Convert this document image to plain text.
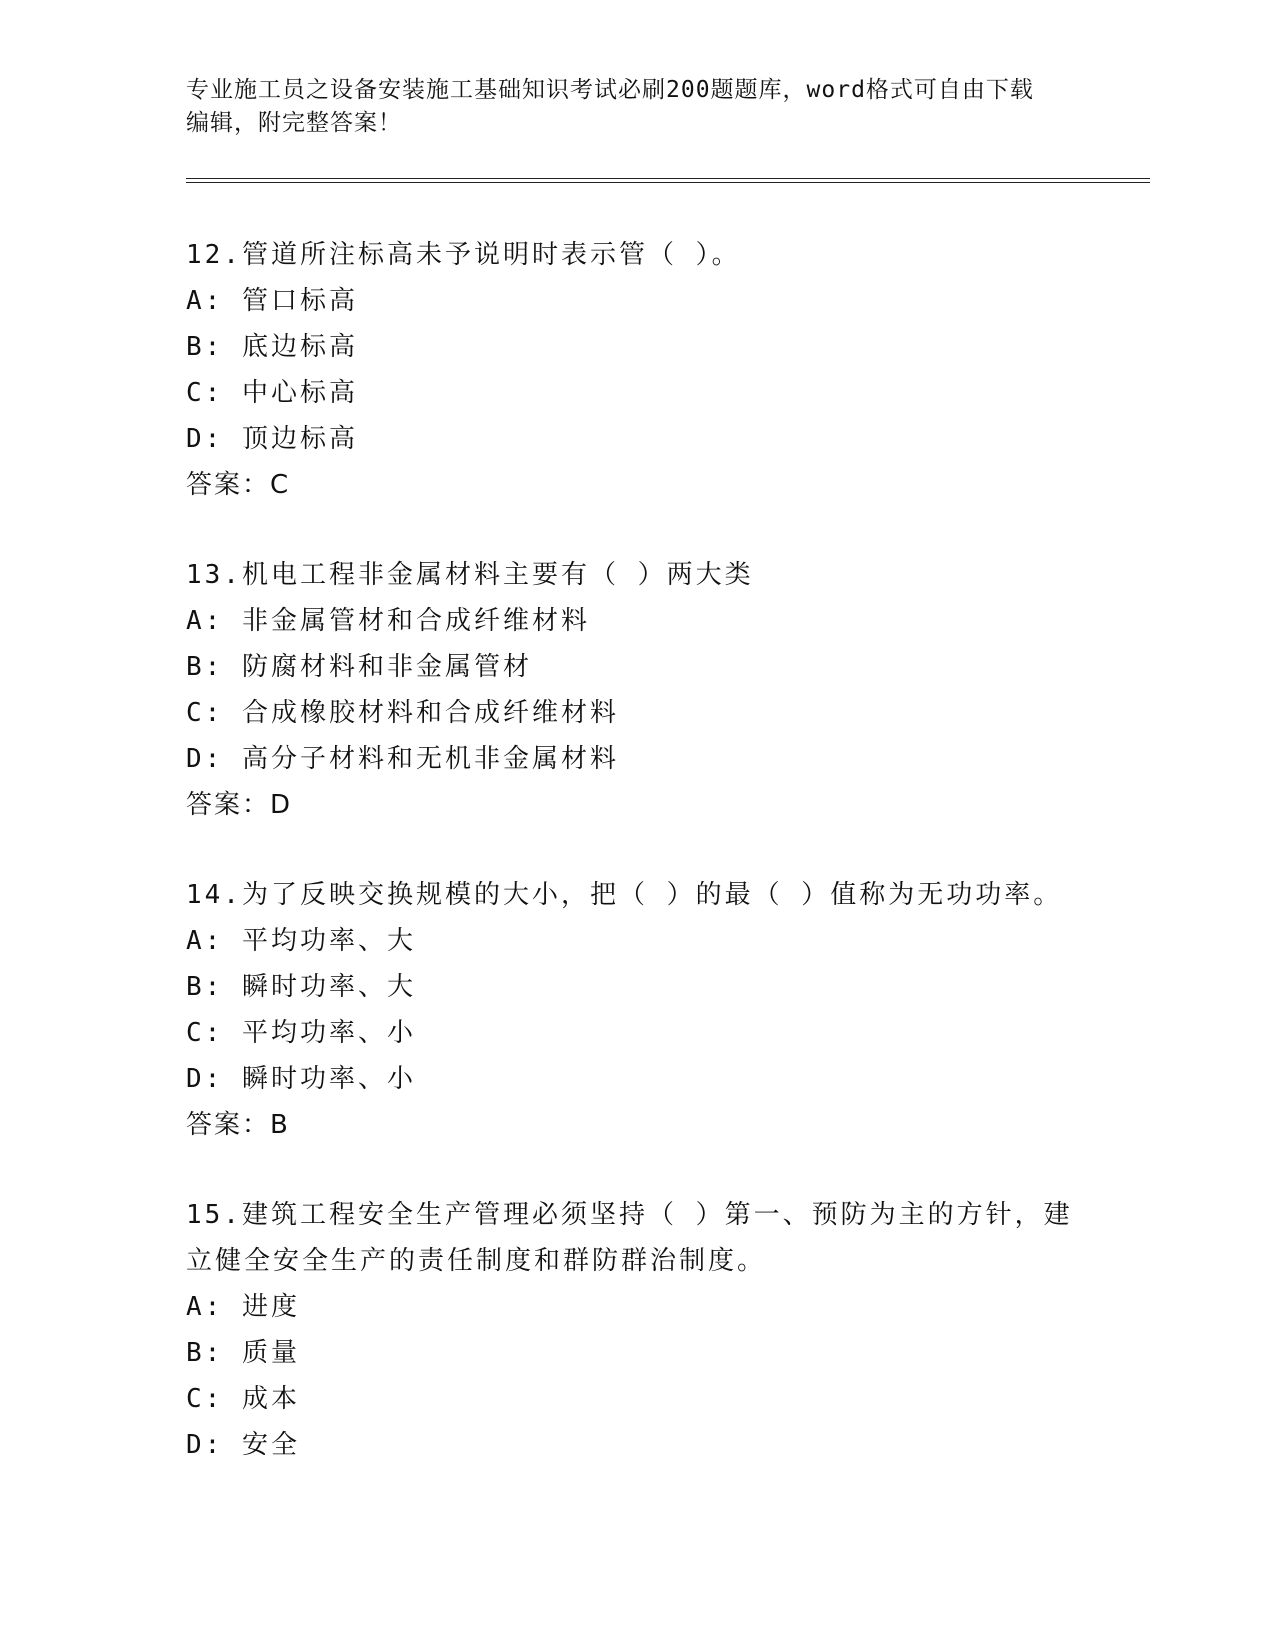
专业施工员之设备安装施工基础知识考试必刷200题题库，word格式可自由下载
编辑，附完整答案！

12.管道所注标高未予说明时表示管（ ）。

A: 管口标高

B: 底边标高

C: 中心标高

D: 顶边标高

答案：C

13.机电工程非金属材料主要有（ ）两大类

A: 非金属管材和合成纤维材料

B: 防腐材料和非金属管材

C: 合成橡胶材料和合成纤维材料

D: 高分子材料和无机非金属材料

答案：D

14.为了反映交换规模的大小，把（ ）的最（ ）值称为无功功率。

A: 平均功率、大

B: 瞬时功率、大

C: 平均功率、小

D: 瞬时功率、小

答案：B

15.建筑工程安全生产管理必须坚持（ ）第一、预防为主的方针，建

立健全安全生产的责任制度和群防群治制度。

A: 进度

B: 质量

C: 成本

D: 安全
